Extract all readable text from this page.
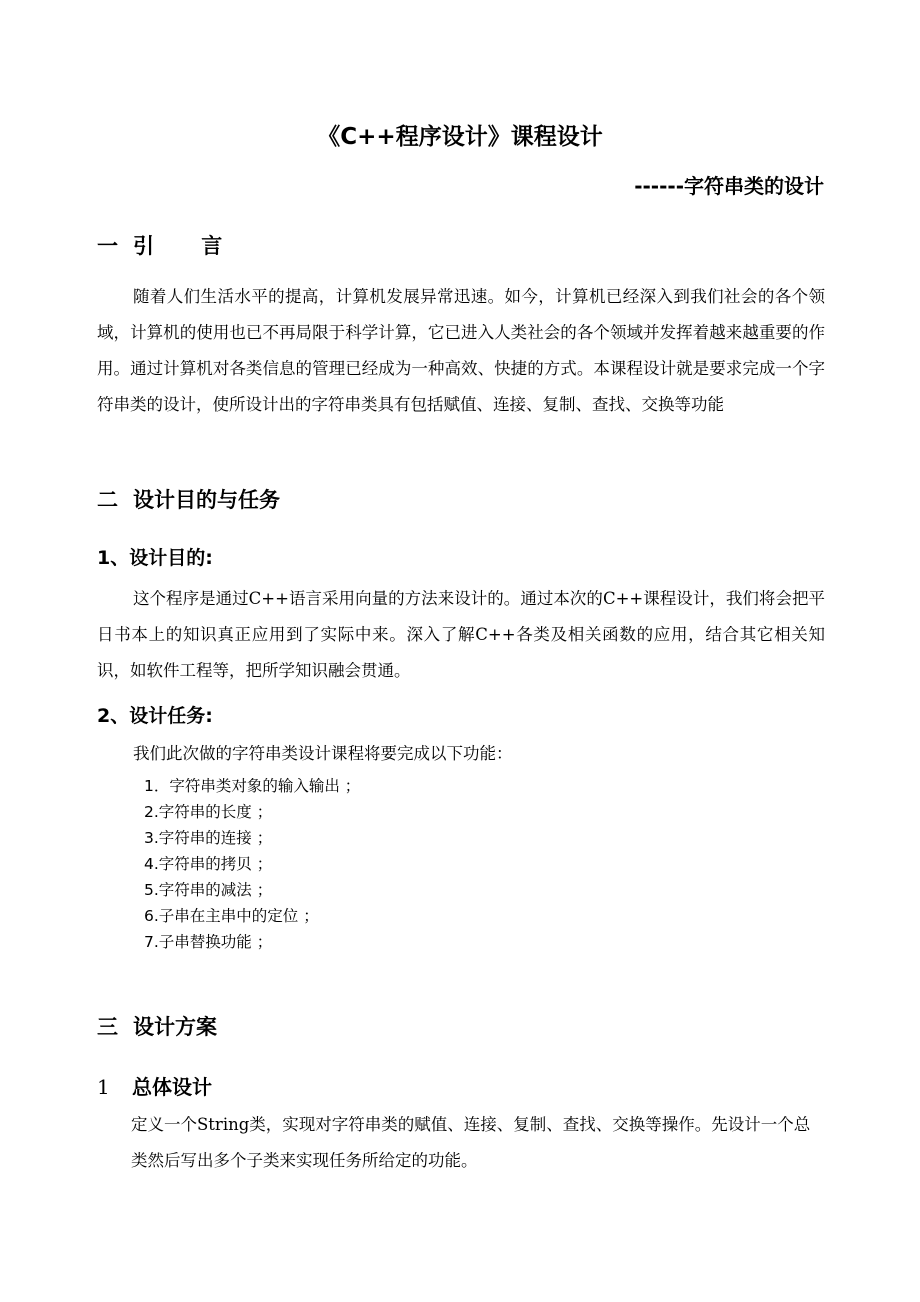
《C++程序设计》课程设计
------字符串类的设计
一 引 言

随着人们生活水平的提高，计算机发展异常迅速。如今，计算机已经深入到我们社会的各个领域，计算机的使用也已不再局限于科学计算，它已进入人类社会的各个领域并发挥着越来越重要的作用。通过计算机对各类信息的管理已经成为一种高效、快捷的方式。本课程设计就是要求完成一个字符串类的设计，使所设计出的字符串类具有包括赋值、连接、复制、查找、交换等功能

二 设计目的与任务
1、设计目的:

这个程序是通过C++语言采用向量的方法来设计的。通过本次的C++课程设计，我们将会把平日书本上的知识真正应用到了实际中来。深入了解C++各类及相关函数的应用，结合其它相关知识，如软件工程等，把所学知识融会贯通。

2、设计任务:
我们此次做的字符串类设计课程将要完成以下功能：
1．字符串类对象的输入输出 ；
2.字符串的长度 ；
3.字符串的连接 ；
4.字符串的拷贝 ；
5.字符串的减法 ；
6.子串在主串中的定位 ；
7.子串替换功能 ；
三 设计方案
1 总体设计

定义一个String类，实现对字符串类的赋值、连接、复制、查找、交换等操作。先设计一个总类然后写出多个子类来实现任务所给定的功能。
